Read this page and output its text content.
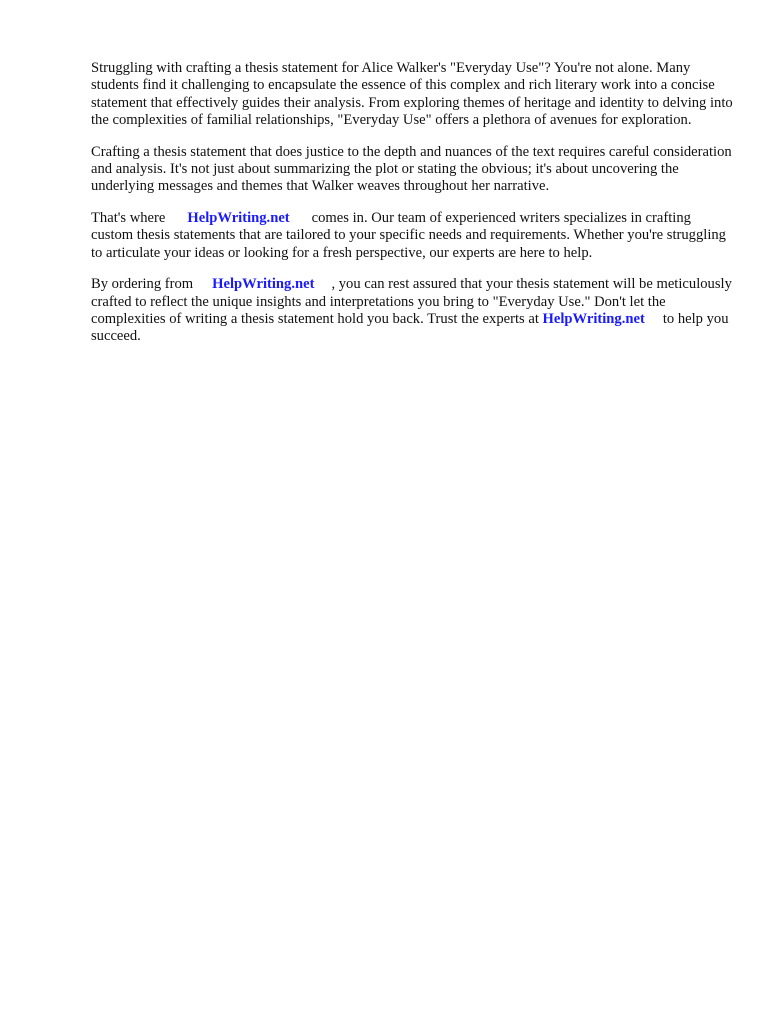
Struggling with crafting a thesis statement for Alice Walker's "Everyday Use"? You're not alone. Many students find it challenging to encapsulate the essence of this complex and rich literary work into a concise statement that effectively guides their analysis. From exploring themes of heritage and identity to delving into the complexities of familial relationships, "Everyday Use" offers a plethora of avenues for exploration.

Crafting a thesis statement that does justice to the depth and nuances of the text requires careful consideration and analysis. It's not just about summarizing the plot or stating the obvious; it's about uncovering the underlying messages and themes that Walker weaves throughout her narrative.

That's where HelpWriting.net comes in. Our team of experienced writers specializes in crafting custom thesis statements that are tailored to your specific needs and requirements. Whether you're struggling to articulate your ideas or looking for a fresh perspective, our experts are here to help.

By ordering from HelpWriting.net , you can rest assured that your thesis statement will be meticulously crafted to reflect the unique insights and interpretations you bring to "Everyday Use." Don't let the complexities of writing a thesis statement hold you back. Trust the experts at HelpWriting.net to help you succeed.
